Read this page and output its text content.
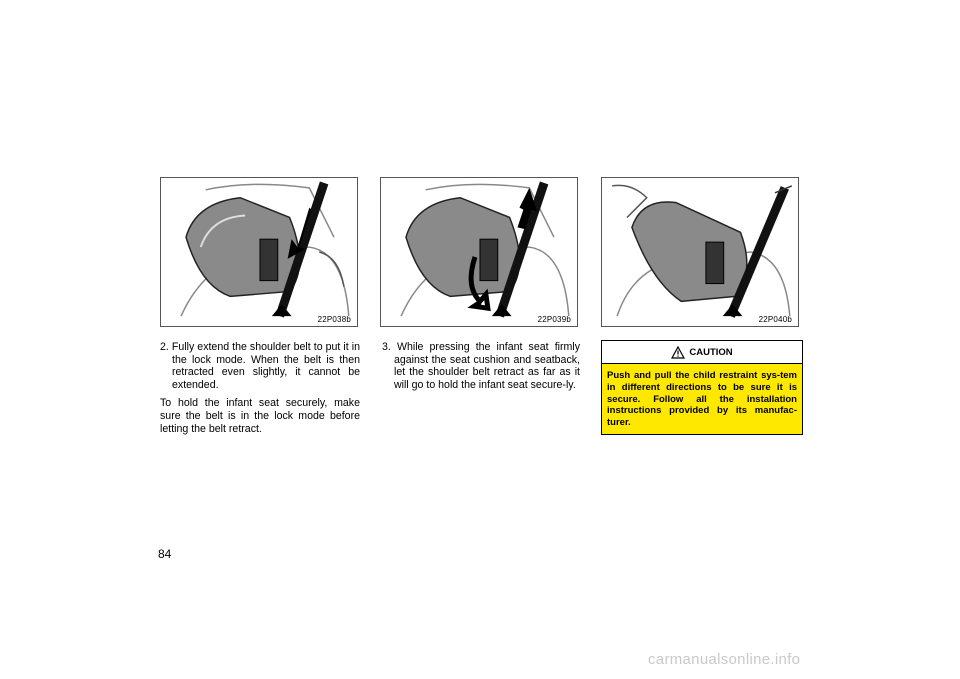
22P038b	22P039b	22P040b

2. Fully extend the shoulder belt to put it in the lock mode. When the belt is then retracted even slightly, it cannot be extended.

To hold the infant seat securely, make sure the belt is in the lock mode before letting the belt retract.

3. While pressing the infant seat firmly against the seat cushion and seatback, let the shoulder belt retract as far as it will go to hold the infant seat secure-ly.

CAUTION
Push and pull the child restraint sys-tem in different directions to be sure it is secure. Follow all the installation instructions provided by its manufac-turer.
84
carmanualsonline.info
